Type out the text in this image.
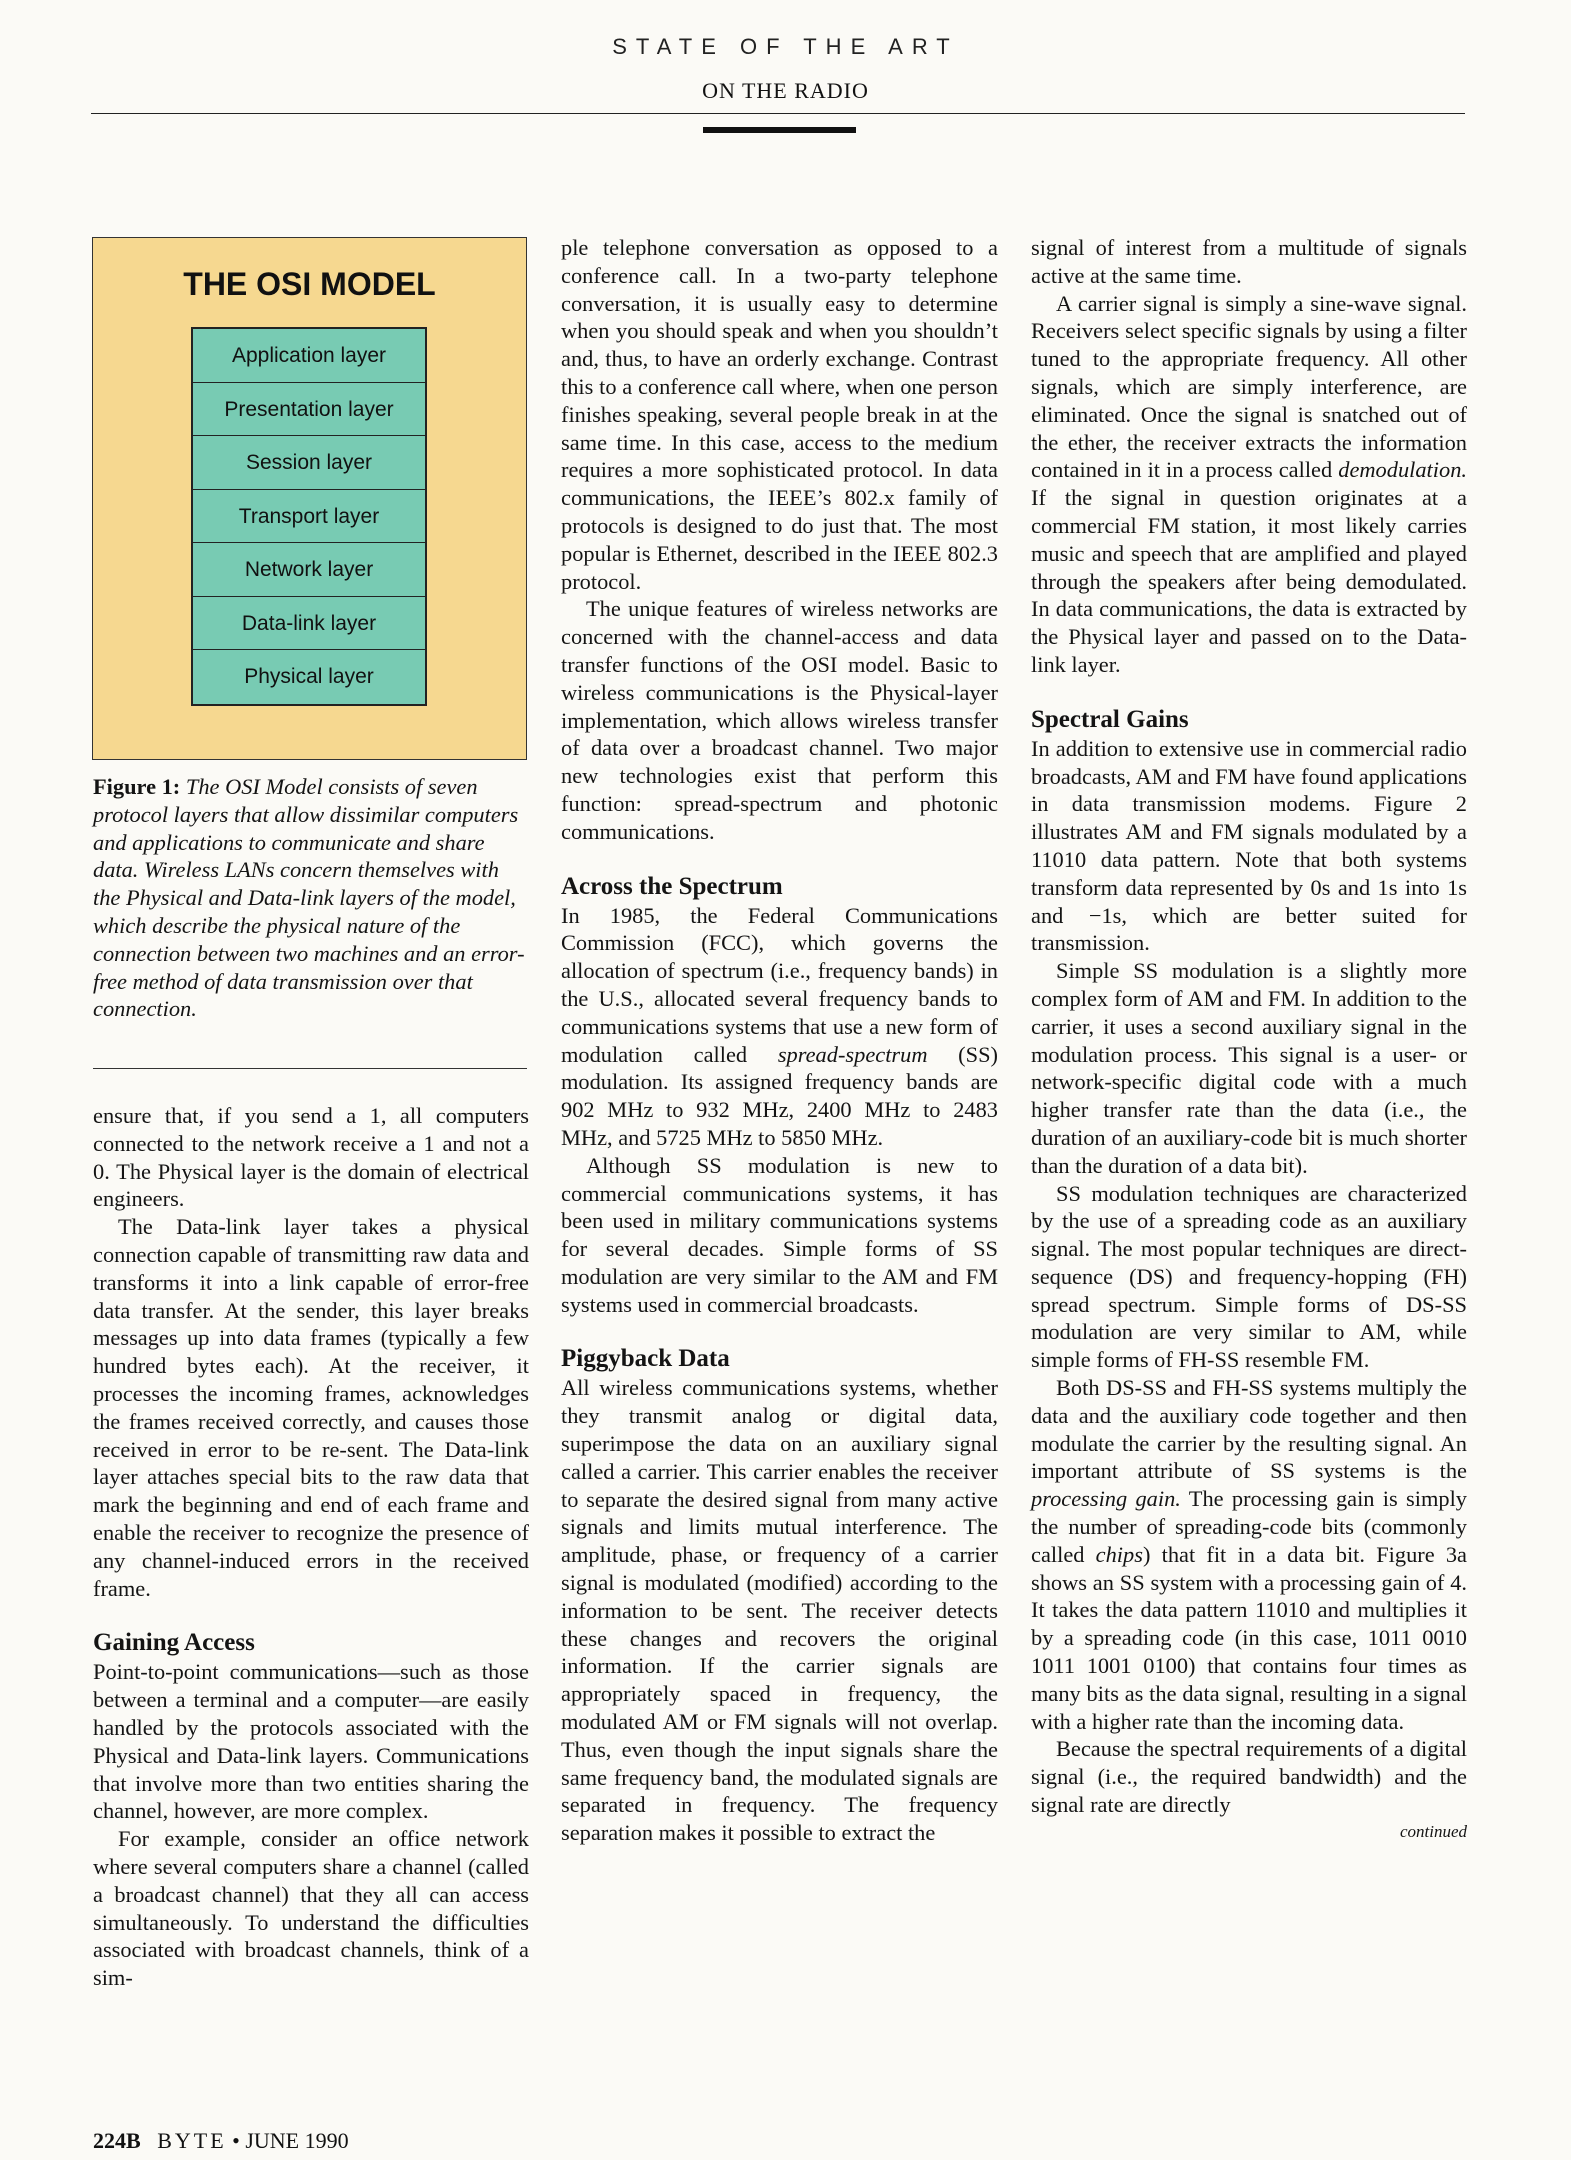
STATE OF THE ART
ON THE RADIO
THE OSI MODEL
Application layer
Presentation layer
Session layer
Transport layer
Network layer
Data-link layer
Physical layer
Figure 1: The OSI Model consists of seven protocol layers that allow dissimilar computers and applications to communicate and share data. Wireless LANs concern themselves with the Physical and Data-link layers of the model, which describe the physical nature of the connection between two machines and an error-free method of data transmission over that connection.

ensure that, if you send a 1, all computers connected to the network receive a 1 and not a 0. The Physical layer is the domain of electrical engineers.

The Data-link layer takes a physical connection capable of transmitting raw data and transforms it into a link capable of error-free data transfer. At the sender, this layer breaks messages up into data frames (typically a few hundred bytes each). At the receiver, it processes the incoming frames, acknowledges the frames received correctly, and causes those received in error to be re-sent. The Data-link layer attaches special bits to the raw data that mark the beginning and end of each frame and enable the receiver to recognize the presence of any channel-induced errors in the received frame.

Gaining Access

Point-to-point communications—such as those between a terminal and a computer—are easily handled by the protocols associated with the Physical and Data-link layers. Communications that involve more than two entities sharing the channel, however, are more complex.

For example, consider an office network where several computers share a channel (called a broadcast channel) that they all can access simultaneously. To understand the difficulties associated with broadcast channels, think of a sim-

ple telephone conversation as opposed to a conference call. In a two-party telephone conversation, it is usually easy to determine when you should speak and when you shouldn’t and, thus, to have an orderly exchange. Contrast this to a conference call where, when one person finishes speaking, several people break in at the same time. In this case, access to the medium requires a more sophisticated protocol. In data communications, the IEEE’s 802.x family of protocols is designed to do just that. The most popular is Ethernet, described in the IEEE 802.3 protocol.

The unique features of wireless networks are concerned with the channel-access and data transfer functions of the OSI model. Basic to wireless communications is the Physical-layer implementation, which allows wireless transfer of data over a broadcast channel. Two major new technologies exist that perform this function: spread-spectrum and photonic communications.

Across the Spectrum

In 1985, the Federal Communications Commission (FCC), which governs the allocation of spectrum (i.e., frequency bands) in the U.S., allocated several frequency bands to communications systems that use a new form of modulation called spread-spectrum (SS) modulation. Its assigned frequency bands are 902 MHz to 932 MHz, 2400 MHz to 2483 MHz, and 5725 MHz to 5850 MHz.

Although SS modulation is new to commercial communications systems, it has been used in military communications systems for several decades. Simple forms of SS modulation are very similar to the AM and FM systems used in commercial broadcasts.

Piggyback Data

All wireless communications systems, whether they transmit analog or digital data, superimpose the data on an auxiliary signal called a carrier. This carrier enables the receiver to separate the desired signal from many active signals and limits mutual interference. The amplitude, phase, or frequency of a carrier signal is modulated (modified) according to the information to be sent. The receiver detects these changes and recovers the original information. If the carrier signals are appropriately spaced in frequency, the modulated AM or FM signals will not overlap. Thus, even though the input signals share the same frequency band, the modulated signals are separated in frequency. The frequency separation makes it possible to extract the

signal of interest from a multitude of signals active at the same time.

A carrier signal is simply a sine-wave signal. Receivers select specific signals by using a filter tuned to the appropriate frequency. All other signals, which are simply interference, are eliminated. Once the signal is snatched out of the ether, the receiver extracts the information contained in it in a process called demodulation. If the signal in question originates at a commercial FM station, it most likely carries music and speech that are amplified and played through the speakers after being demodulated. In data communications, the data is extracted by the Physical layer and passed on to the Data-link layer.

Spectral Gains

In addition to extensive use in commercial radio broadcasts, AM and FM have found applications in data transmission modems. Figure 2 illustrates AM and FM signals modulated by a 11010 data pattern. Note that both systems transform data represented by 0s and 1s into 1s and −1s, which are better suited for transmission.

Simple SS modulation is a slightly more complex form of AM and FM. In addition to the carrier, it uses a second auxiliary signal in the modulation process. This signal is a user- or network-specific digital code with a much higher transfer rate than the data (i.e., the duration of an auxiliary-code bit is much shorter than the duration of a data bit).

SS modulation techniques are characterized by the use of a spreading code as an auxiliary signal. The most popular techniques are direct-sequence (DS) and frequency-hopping (FH) spread spectrum. Simple forms of DS-SS modulation are very similar to AM, while simple forms of FH-SS resemble FM.

Both DS-SS and FH-SS systems multiply the data and the auxiliary code together and then modulate the carrier by the resulting signal. An important attribute of SS systems is the processing gain. The processing gain is simply the number of spreading-code bits (commonly called chips) that fit in a data bit. Figure 3a shows an SS system with a processing gain of 4. It takes the data pattern 11010 and multiplies it by a spreading code (in this case, 1011 0010 1011 1001 0100) that contains four times as many bits as the data signal, resulting in a signal with a higher rate than the incoming data.

Because the spectral requirements of a digital signal (i.e., the required bandwidth) and the signal rate are directly

continued
224B BYTE • JUNE 1990
